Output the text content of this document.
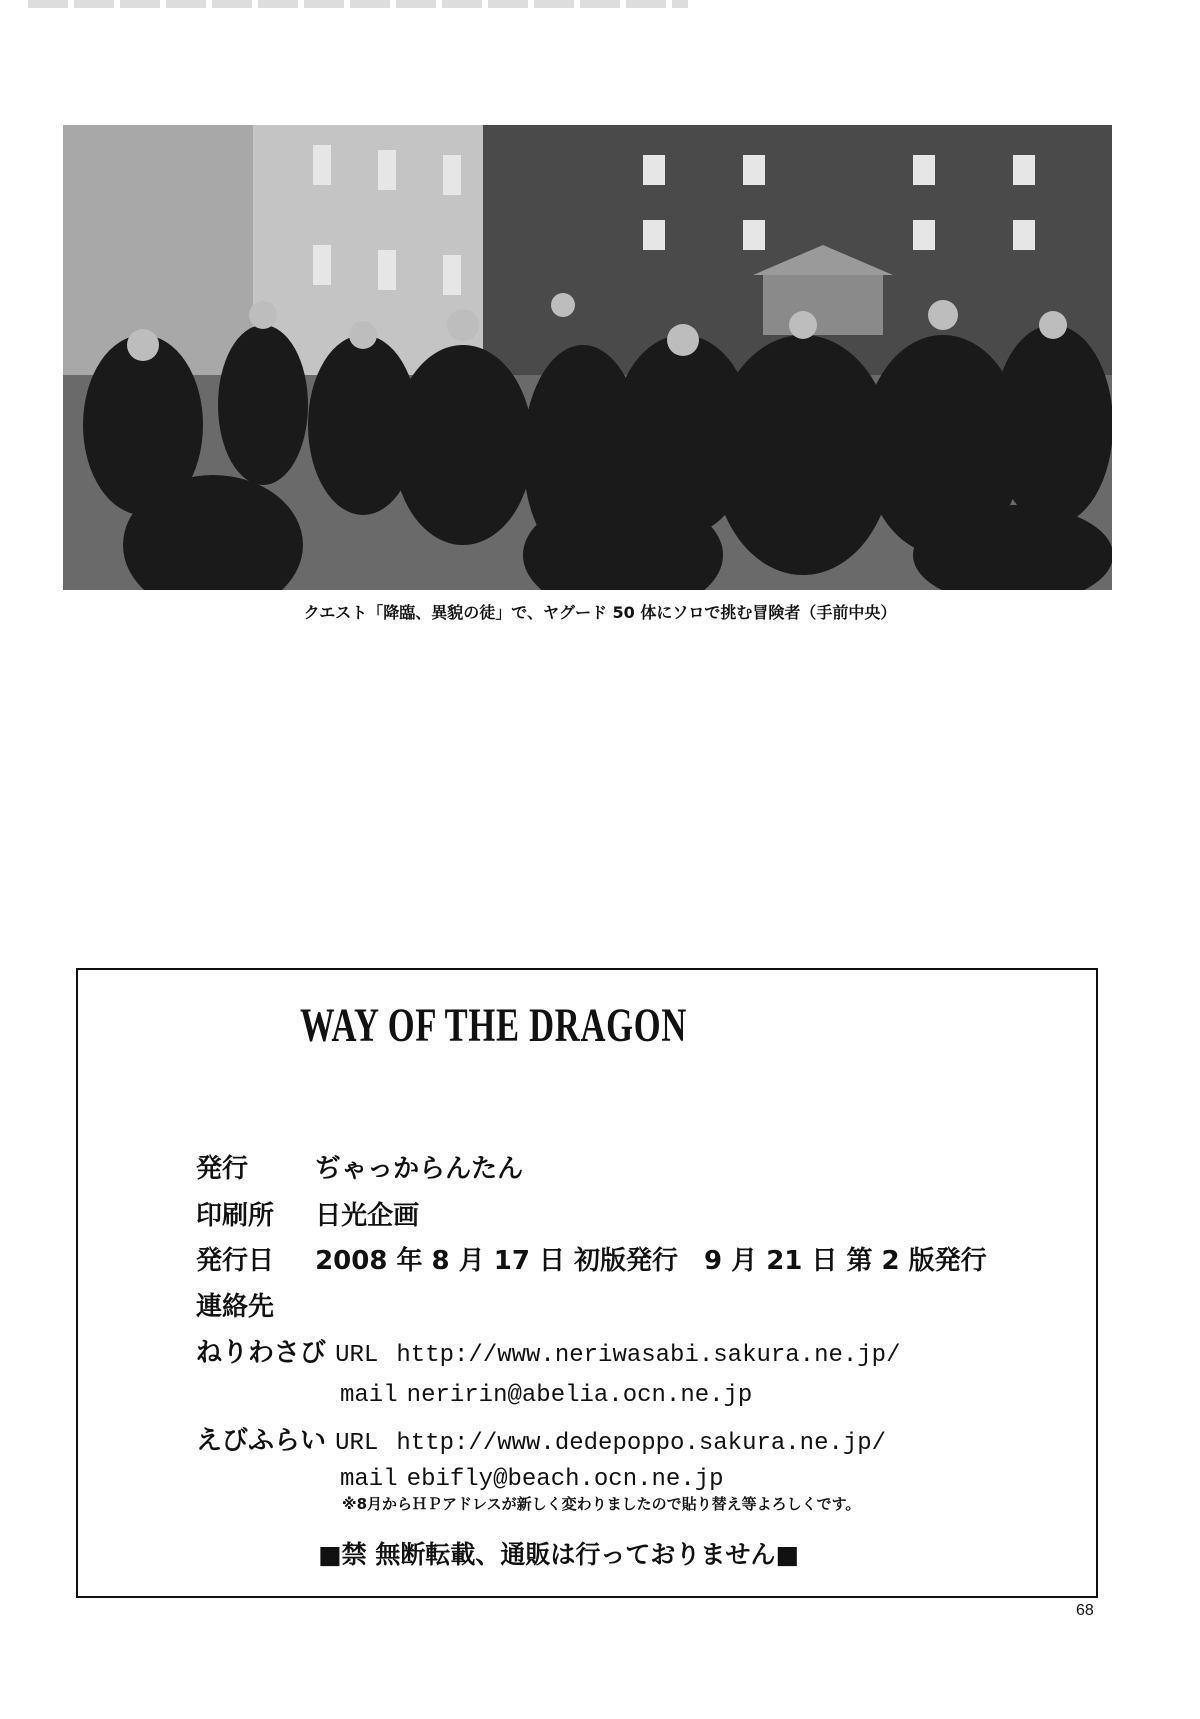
クエスト「降臨、異貌の徒」で、ヤグード 50 体にソロで挑む冒険者（手前中央）
WAY OF THE DRAGON
発行	ぢゃっからんたん
印刷所 日光企画
発行日 2008 年 8 月 17 日 初版発行　9 月 21 日 第 2 版発行
連絡先
ねりわさび URL http://www.neriwasabi.sakura.ne.jp/
mail neririn@abelia.ocn.ne.jp
えびふらい URL http://www.dedepoppo.sakura.ne.jp/
mail ebifly@beach.ocn.ne.jp
※8月からＨＰアドレスが新しく変わりましたので貼り替え等よろしくです。
■禁 無断転載、通販は行っておりません■
68
